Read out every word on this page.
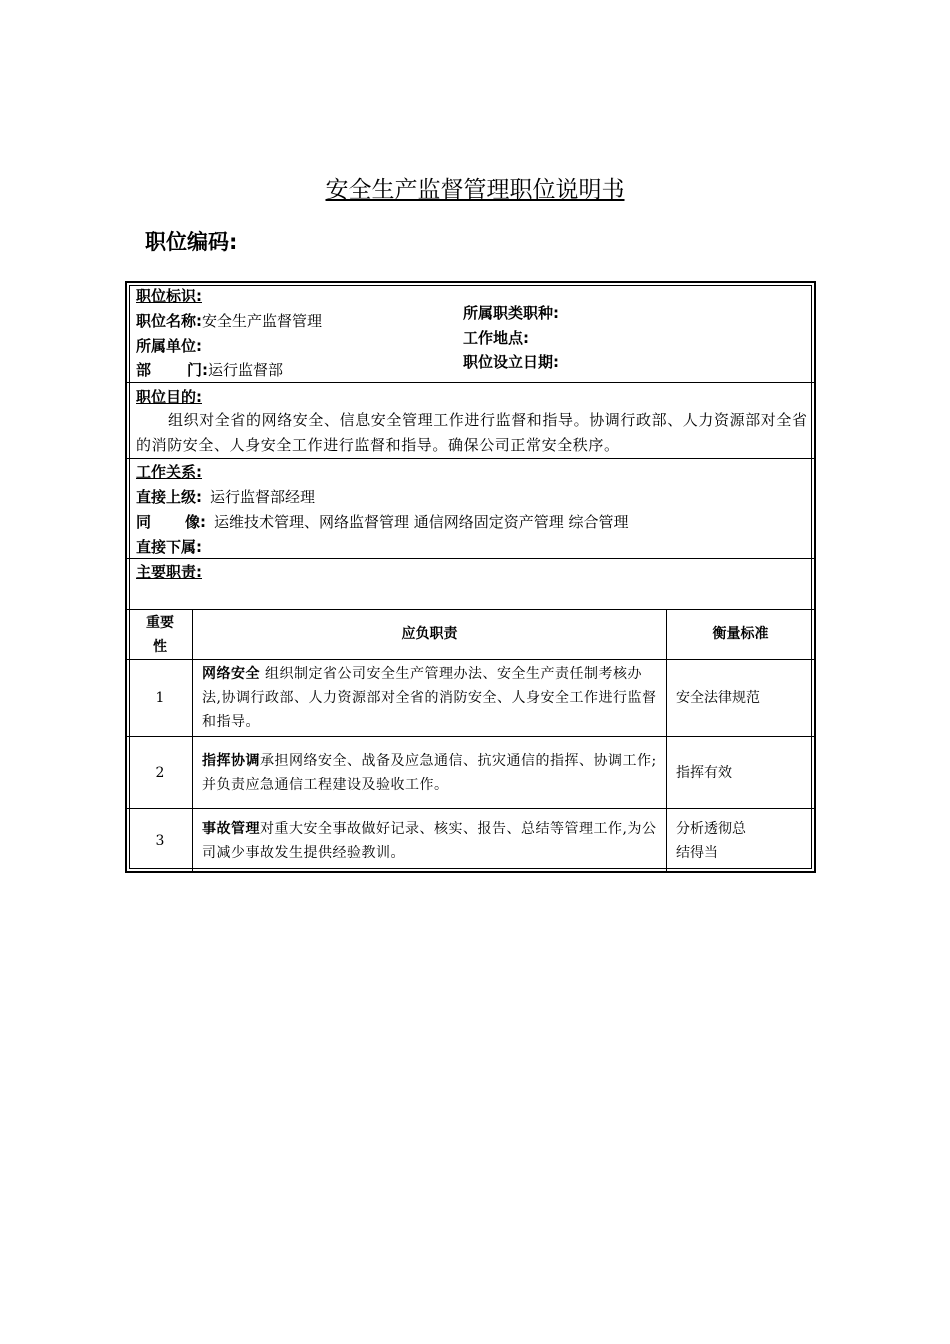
安全生产监督管理职位说明书
职位编码:
职位标识:
职位名称:安全生产监督管理
所属单位:
部 门:运行监督部
所属职类职种:
工作地点:
职位设立日期:
职位目的:
组织对全省的网络安全、信息安全管理工作进行监督和指导。协调行政部、人力资源部对全省的消防安全、人身安全工作进行监督和指导。确保公司正常安全秩序。
工作关系:
直接上级: 运行监督部经理
同 像: 运维技术管理、网络监督管理 通信网络固定资产管理 综合管理
直接下属:
主要职责:
重要
性
应负职责	衡量标准
1
网络安全 组织制定省公司安全生产管理办法、安全生产责任制考核办法,协调行政部、人力资源部对全省的消防安全、人身安全工作进行监督和指导。
安全法律规范
2
指挥协调承担网络安全、战备及应急通信、抗灾通信的指挥、协调工作;并负责应急通信工程建设及验收工作。
指挥有效
3
事故管理对重大安全事故做好记录、核实、报告、总结等管理工作,为公司减少事故发生提供经验教训。
分析透彻总结得当
